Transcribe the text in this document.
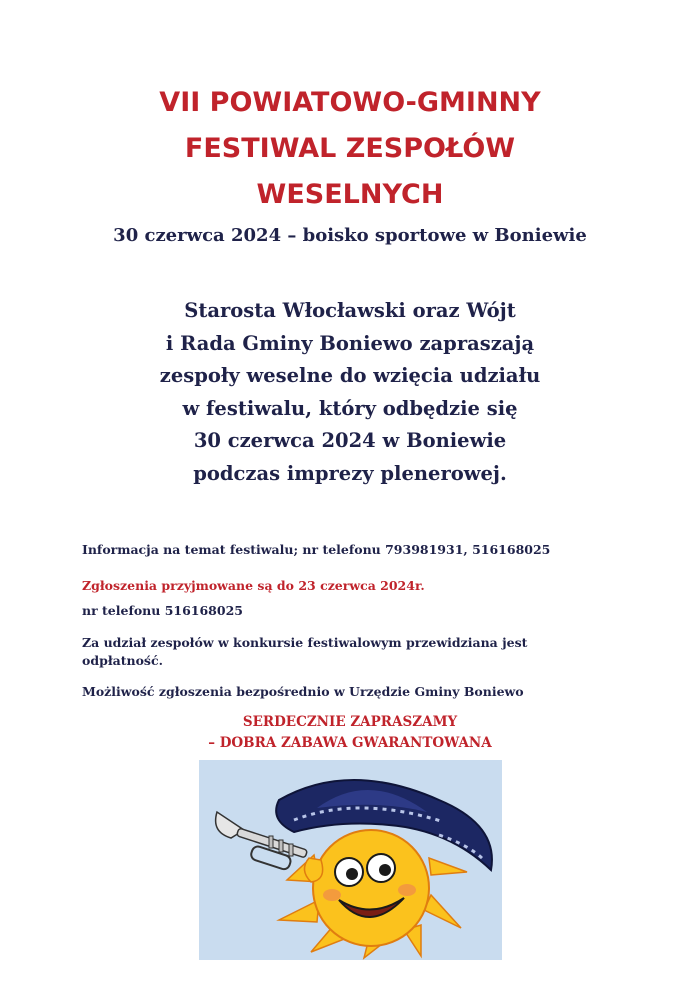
VII POWIATOWO-GMINNY
FESTIWAL ZESPOŁÓW
WESELNYCH
30 czerwca 2024 – boisko sportowe w Boniewie
Starosta Włocławski oraz Wójt
i Rada Gminy Boniewo zapraszają
zespoły weselne do wzięcia udziału
w festiwalu, który odbędzie się
30 czerwca 2024 w Boniewie
podczas imprezy plenerowej.
Informacja na temat festiwalu; nr telefonu 793981931, 516168025
Zgłoszenia przyjmowane są do 23 czerwca 2024r.
nr telefonu 516168025
Za udział zespołów w konkursie festiwalowym przewidziana jest odpłatność.
Możliwość zgłoszenia bezpośrednio w Urzędzie Gminy Boniewo
SERDECZNIE ZAPRASZAMY
– DOBRA ZABAWA GWARANTOWANA
